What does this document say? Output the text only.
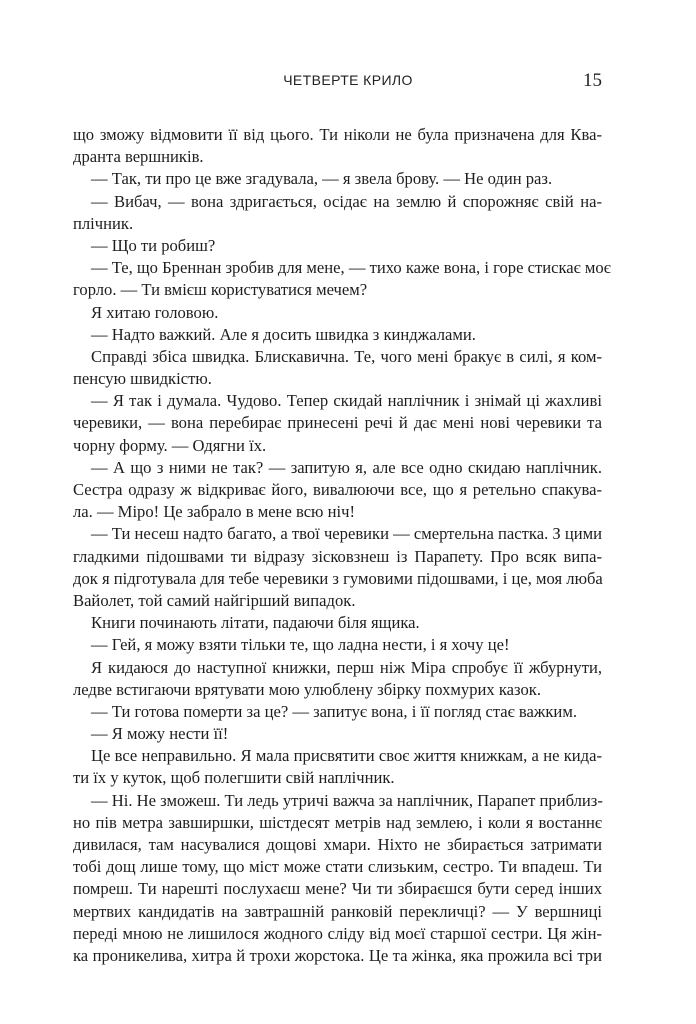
ЧЕТВЕРТЕ КРИЛО	15
що зможу відмовити її від цього. Ти ніколи не була призначена для Ква-
дранта вершників.
— Так, ти про це вже згадувала, — я звела брову. — Не один раз.
— Вибач, — вона здригається, осідає на землю й спорожняє свій на-
плічник.
— Що ти робиш?
— Те, що Бреннан зробив для мене, — тихо каже вона, і горе стискає моє
горло. — Ти вмієш користуватися мечем?
Я хитаю головою.
— Надто важкий. Але я досить швидка з кинджалами.
Справді збіса швидка. Блискавична. Те, чого мені бракує в силі, я ком-
пенсую швидкістю.
— Я так і думала. Чудово. Тепер скидай наплічник і знімай ці жахливі
черевики, — вона перебирає принесені речі й дає мені нові черевики та
чорну форму. — Одягни їх.
— А що з ними не так? — запитую я, але все одно скидаю наплічник.
Сестра одразу ж відкриває його, вивалюючи все, що я ретельно спакува-
ла. — Міро! Це забрало в мене всю ніч!
— Ти несеш надто багато, а твої черевики — смертельна пастка. З цими
гладкими підошвами ти відразу зісковзнеш із Парапету. Про всяк випа-
док я підготувала для тебе черевики з гумовими підошвами, і це, моя люба
Вайолет, той самий найгірший випадок.
Книги починають літати, падаючи біля ящика.
— Гей, я можу взяти тільки те, що ладна нести, і я хочу це!
Я кидаюся до наступної книжки, перш ніж Міра спробує її жбурнути,
ледве встигаючи врятувати мою улюблену збірку похмурих казок.
— Ти готова померти за це? — запитує вона, і її погляд стає важким.
— Я можу нести її!
Це все неправильно. Я мала присвятити своє життя книжкам, а не кида-
ти їх у куток, щоб полегшити свій наплічник.
— Ні. Не зможеш. Ти ледь утричі важча за наплічник, Парапет приблиз-
но пів метра завширшки, шістдесят метрів над землею, і коли я востаннє
дивилася, там насувалися дощові хмари. Ніхто не збирається затримати
тобі дощ лише тому, що міст може стати слизьким, сестро. Ти впадеш. Ти
помреш. Ти нарешті послухаєш мене? Чи ти збираєшся бути серед інших
мертвих кандидатів на завтрашній ранковій перекличці? — У вершниці
переді мною не лишилося жодного сліду від моєї старшої сестри. Ця жін-
ка проникелива, хитра й трохи жорстока. Це та жінка, яка прожила всі три
